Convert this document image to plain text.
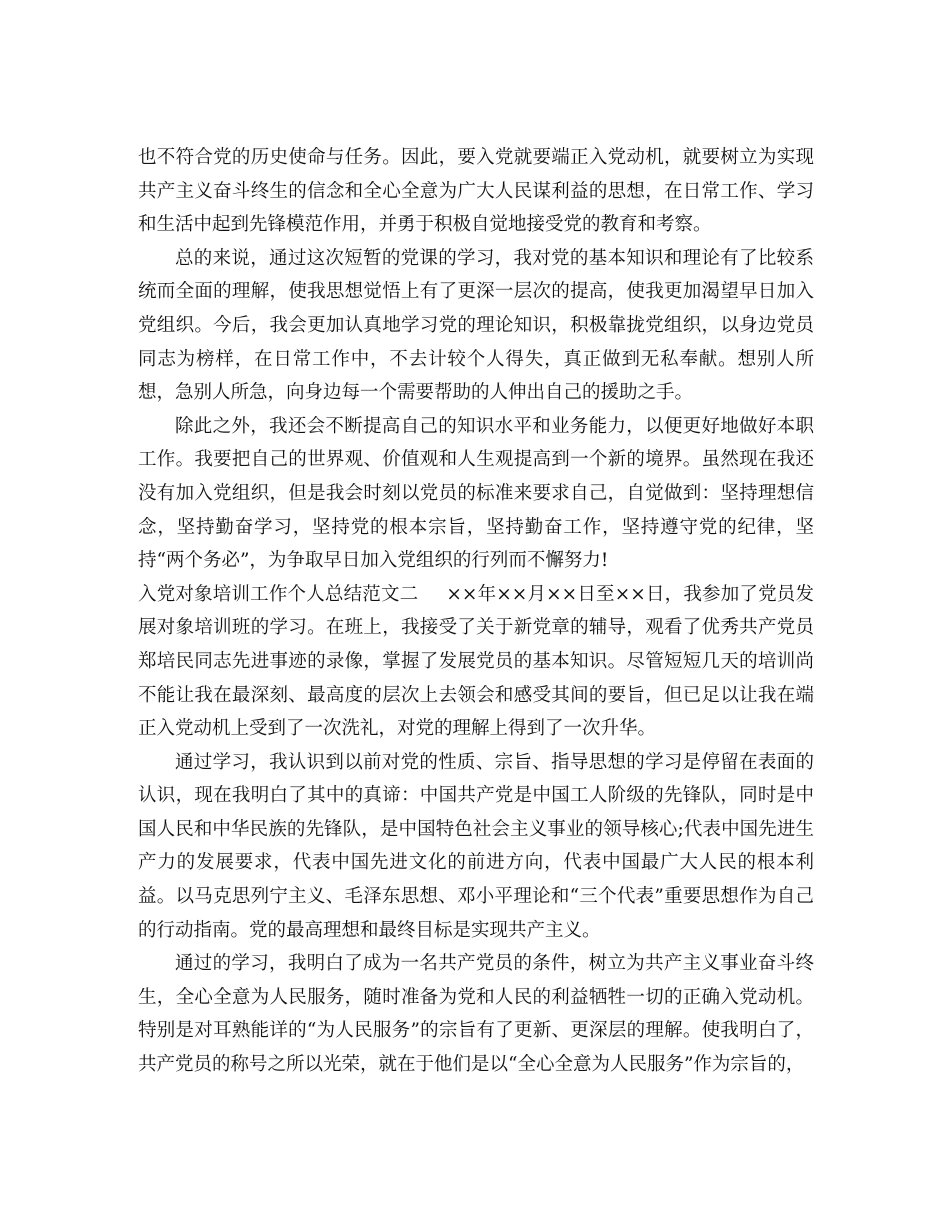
也不符合党的历史使命与任务。因此，要入党就要端正入党动机，就要树立为实现共产主义奋斗终生的信念和全心全意为广大人民谋利益的思想，在日常工作、学习和生活中起到先锋模范作用，并勇于积极自觉地接受党的教育和考察。

总的来说，通过这次短暂的党课的学习，我对党的基本知识和理论有了比较系统而全面的理解，使我思想觉悟上有了更深一层次的提高，使我更加渴望早日加入党组织。今后，我会更加认真地学习党的理论知识，积极靠拢党组织，以身边党员同志为榜样，在日常工作中，不去计较个人得失，真正做到无私奉献。想别人所想，急别人所急，向身边每一个需要帮助的人伸出自己的援助之手。

除此之外，我还会不断提高自己的知识水平和业务能力，以便更好地做好本职工作。我要把自己的世界观、价值观和人生观提高到一个新的境界。虽然现在我还没有加入党组织，但是我会时刻以党员的标准来要求自己，自觉做到：坚持理想信念，坚持勤奋学习，坚持党的根本宗旨，坚持勤奋工作，坚持遵守党的纪律，坚持“两个务必”，为争取早日加入党组织的行列而不懈努力!

入党对象培训工作个人总结范文二 ××年××月××日至××日，我参加了党员发展对象培训班的学习。在班上，我接受了关于新党章的辅导，观看了优秀共产党员郑培民同志先进事迹的录像，掌握了发展党员的基本知识。尽管短短几天的培训尚不能让我在最深刻、最高度的层次上去领会和感受其间的要旨，但已足以让我在端正入党动机上受到了一次洗礼，对党的理解上得到了一次升华。

通过学习，我认识到以前对党的性质、宗旨、指导思想的学习是停留在表面的认识，现在我明白了其中的真谛：中国共产党是中国工人阶级的先锋队，同时是中国人民和中华民族的先锋队，是中国特色社会主义事业的领导核心;代表中国先进生产力的发展要求，代表中国先进文化的前进方向，代表中国最广大人民的根本利益。以马克思列宁主义、毛泽东思想、邓小平理论和“三个代表”重要思想作为自己的行动指南。党的最高理想和最终目标是实现共产主义。

通过的学习，我明白了成为一名共产党员的条件，树立为共产主义事业奋斗终生，全心全意为人民服务，随时准备为党和人民的利益牺牲一切的正确入党动机。特别是对耳熟能详的“为人民服务”的宗旨有了更新、更深层的理解。使我明白了，共产党员的称号之所以光荣，就在于他们是以“全心全意为人民服务”作为宗旨的，
